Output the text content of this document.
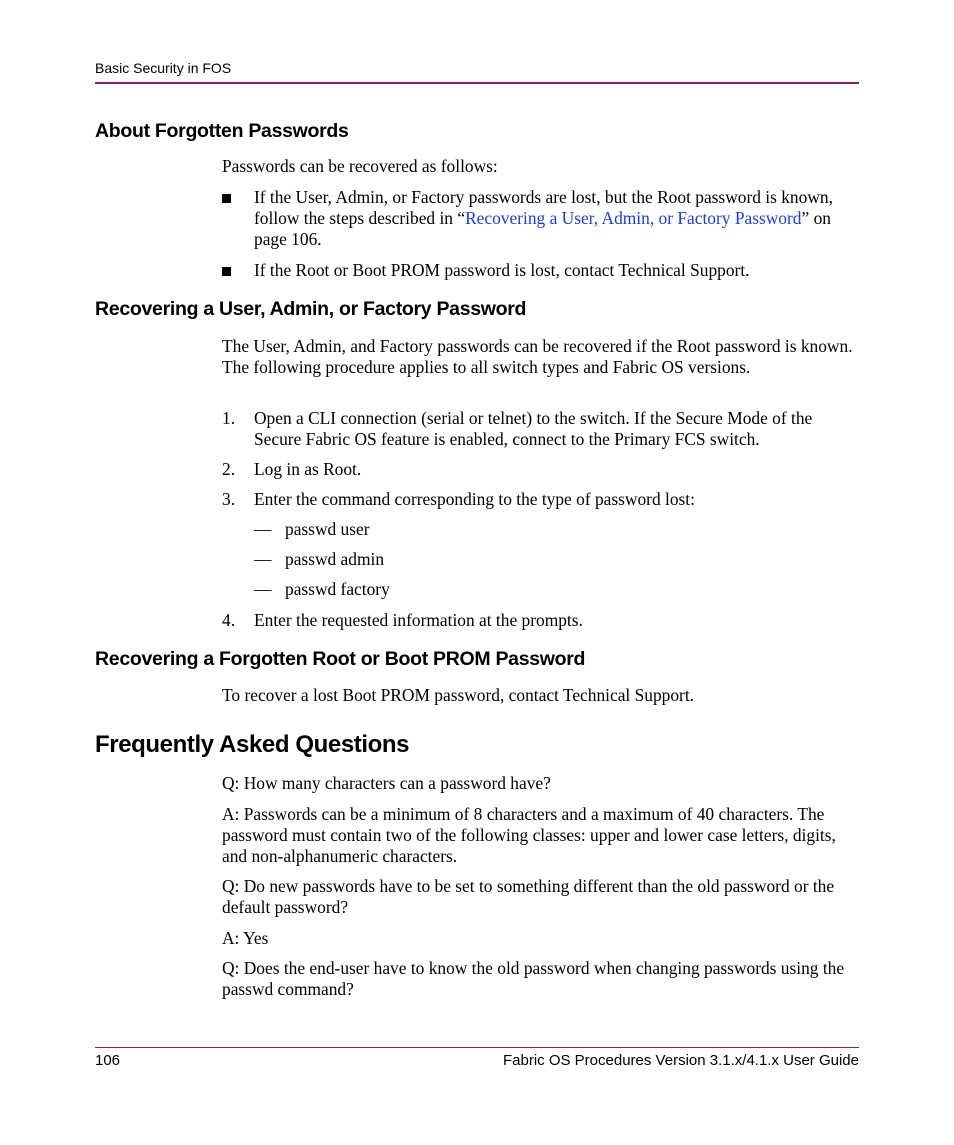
Basic Security in FOS
About Forgotten Passwords
Passwords can be recovered as follows:
If the User, Admin, or Factory passwords are lost, but the Root password is known, follow the steps described in “Recovering a User, Admin, or Factory Password” on page 106.
If the Root or Boot PROM password is lost, contact Technical Support.
Recovering a User, Admin, or Factory Password
The User, Admin, and Factory passwords can be recovered if the Root password is known. The following procedure applies to all switch types and Fabric OS versions.
1. Open a CLI connection (serial or telnet) to the switch. If the Secure Mode of the Secure Fabric OS feature is enabled, connect to the Primary FCS switch.
2. Log in as Root.
3. Enter the command corresponding to the type of password lost:
— passwd user
— passwd admin
— passwd factory
4. Enter the requested information at the prompts.
Recovering a Forgotten Root or Boot PROM Password
To recover a lost Boot PROM password, contact Technical Support.
Frequently Asked Questions
Q: How many characters can a password have?
A: Passwords can be a minimum of 8 characters and a maximum of 40 characters. The password must contain two of the following classes: upper and lower case letters, digits, and non-alphanumeric characters.
Q: Do new passwords have to be set to something different than the old password or the default password?
A: Yes
Q: Does the end-user have to know the old password when changing passwords using the passwd command?
106	Fabric OS Procedures Version 3.1.x/4.1.x User Guide
